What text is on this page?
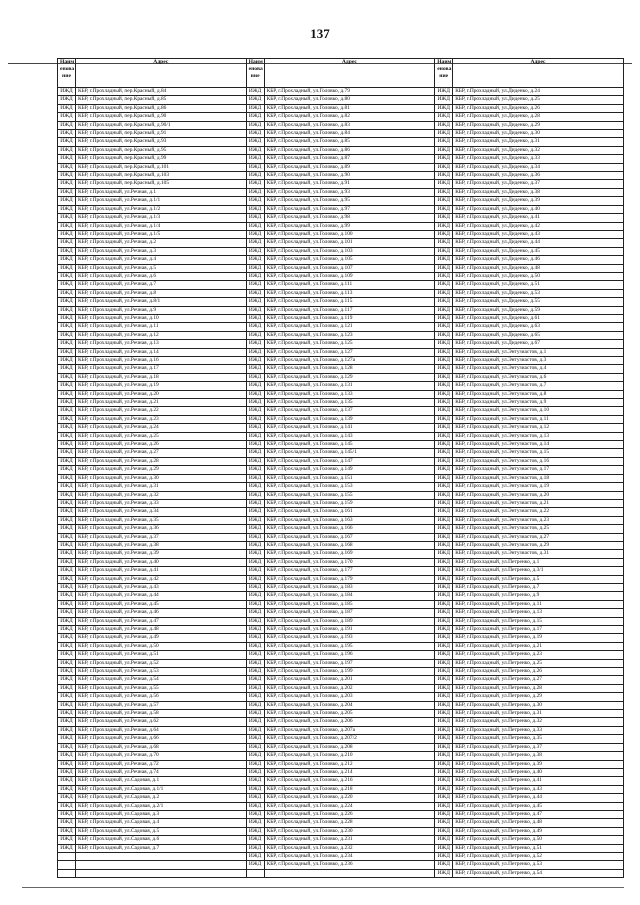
137
Наим енова ние	Адрес	Наим енова ние	Адрес	Наим енова ние	Адрес
ИЖД	КБР, г.Прохладный, пер.Красный, д.84	ИЖД	КБР, г.Прохладный, ул.Головко, д.79	ИЖД	КБР, г.Прохладный, ул.Диденко, д.24
ИЖД	КБР, г.Прохладный, пер.Красный, д.85	ИЖД	КБР, г.Прохладный, ул.Головко, д.80	ИЖД	КБР, г.Прохладный, ул.Диденко, д.25
ИЖД	КБР, г.Прохладный, пер.Красный, д.86	ИЖД	КБР, г.Прохладный, ул.Головко, д.81	ИЖД	КБР, г.Прохладный, ул.Диденко, д.26
ИЖД	КБР, г.Прохладный, пер.Красный, д.90	ИЖД	КБР, г.Прохладный, ул.Головко, д.82	ИЖД	КБР, г.Прохладный, ул.Диденко, д.28
ИЖД	КБР, г.Прохладный, пер.Красный, д.90/1	ИЖД	КБР, г.Прохладный, ул.Головко, д.83	ИЖД	КБР, г.Прохладный, ул.Диденко, д.29
ИЖД	КБР, г.Прохладный, пер.Красный, д.91	ИЖД	КБР, г.Прохладный, ул.Головко, д.84	ИЖД	КБР, г.Прохладный, ул.Диденко, д.30
ИЖД	КБР, г.Прохладный, пер.Красный, д.93	ИЖД	КБР, г.Прохладный, ул.Головко, д.85	ИЖД	КБР, г.Прохладный, ул.Диденко, д.31
ИЖД	КБР, г.Прохладный, пер.Красный, д.95	ИЖД	КБР, г.Прохладный, ул.Головко, д.86	ИЖД	КБР, г.Прохладный, ул.Диденко, д.32
ИЖД	КБР, г.Прохладный, пер.Красный, д.99	ИЖД	КБР, г.Прохладный, ул.Головко, д.87	ИЖД	КБР, г.Прохладный, ул.Диденко, д.33
ИЖД	КБР, г.Прохладный, пер.Красный, д.101	ИЖД	КБР, г.Прохладный, ул.Головко, д.89	ИЖД	КБР, г.Прохладный, ул.Диденко, д.34
ИЖД	КБР, г.Прохладный, пер.Красный, д.103	ИЖД	КБР, г.Прохладный, ул.Головко, д.90	ИЖД	КБР, г.Прохладный, ул.Диденко, д.36
ИЖД	КБР, г.Прохладный, пер.Красный, д.105	ИЖД	КБР, г.Прохладный, ул.Головко, д.91	ИЖД	КБР, г.Прохладный, ул.Диденко, д.37
ИЖД	КБР, г.Прохладный, ул.Речная, д.1	ИЖД	КБР, г.Прохладный, ул.Головко, д.93	ИЖД	КБР, г.Прохладный, ул.Диденко, д.38
ИЖД	КБР, г.Прохладный, ул.Речная, д.1/1	ИЖД	КБР, г.Прохладный, ул.Головко, д.95	ИЖД	КБР, г.Прохладный, ул.Диденко, д.39
ИЖД	КБР, г.Прохладный, ул.Речная, д.1/2	ИЖД	КБР, г.Прохладный, ул.Головко, д.97	ИЖД	КБР, г.Прохладный, ул.Диденко, д.40
ИЖД	КБР, г.Прохладный, ул.Речная, д.1/3	ИЖД	КБР, г.Прохладный, ул.Головко, д.98	ИЖД	КБР, г.Прохладный, ул.Диденко, д.41
ИЖД	КБР, г.Прохладный, ул.Речная, д.1/4	ИЖД	КБР, г.Прохладный, ул.Головко, д.99	ИЖД	КБР, г.Прохладный, ул.Диденко, д.42
ИЖД	КБР, г.Прохладный, ул.Речная, д.1/5	ИЖД	КБР, г.Прохладный, ул.Головко, д.100	ИЖД	КБР, г.Прохладный, ул.Диденко, д.43
ИЖД	КБР, г.Прохладный, ул.Речная, д.2	ИЖД	КБР, г.Прохладный, ул.Головко, д.101	ИЖД	КБР, г.Прохладный, ул.Диденко, д.44
ИЖД	КБР, г.Прохладный, ул.Речная, д.3	ИЖД	КБР, г.Прохладный, ул.Головко, д.103	ИЖД	КБР, г.Прохладный, ул.Диденко, д.45
ИЖД	КБР, г.Прохладный, ул.Речная, д.4	ИЖД	КБР, г.Прохладный, ул.Головко, д.105	ИЖД	КБР, г.Прохладный, ул.Диденко, д.46
ИЖД	КБР, г.Прохладный, ул.Речная, д.5	ИЖД	КБР, г.Прохладный, ул.Головко, д.107	ИЖД	КБР, г.Прохладный, ул.Диденко, д.48
ИЖД	КБР, г.Прохладный, ул.Речная, д.6	ИЖД	КБР, г.Прохладный, ул.Головко, д.109	ИЖД	КБР, г.Прохладный, ул.Диденко, д.50
ИЖД	КБР, г.Прохладный, ул.Речная, д.7	ИЖД	КБР, г.Прохладный, ул.Головко, д.111	ИЖД	КБР, г.Прохладный, ул.Диденко, д.51
ИЖД	КБР, г.Прохладный, ул.Речная, д.8	ИЖД	КБР, г.Прохладный, ул.Головко, д.113	ИЖД	КБР, г.Прохладный, ул.Диденко, д.53
ИЖД	КБР, г.Прохладный, ул.Речная, д.8/1	ИЖД	КБР, г.Прохладный, ул.Головко, д.115	ИЖД	КБР, г.Прохладный, ул.Диденко, д.55
ИЖД	КБР, г.Прохладный, ул.Речная, д.9	ИЖД	КБР, г.Прохладный, ул.Головко, д.117	ИЖД	КБР, г.Прохладный, ул.Диденко, д.59
ИЖД	КБР, г.Прохладный, ул.Речная, д.10	ИЖД	КБР, г.Прохладный, ул.Головко, д.119	ИЖД	КБР, г.Прохладный, ул.Диденко, д.61
ИЖД	КБР, г.Прохладный, ул.Речная, д.11	ИЖД	КБР, г.Прохладный, ул.Головко, д.121	ИЖД	КБР, г.Прохладный, ул.Диденко, д.63
ИЖД	КБР, г.Прохладный, ул.Речная, д.12	ИЖД	КБР, г.Прохладный, ул.Головко, д.123	ИЖД	КБР, г.Прохладный, ул.Диденко, д.65
ИЖД	КБР, г.Прохладный, ул.Речная, д.13	ИЖД	КБР, г.Прохладный, ул.Головко, д.125	ИЖД	КБР, г.Прохладный, ул.Диденко, д.67
ИЖД	КБР, г.Прохладный, ул.Речная, д.14	ИЖД	КБР, г.Прохладный, ул.Головко, д.127	ИЖД	КБР, г.Прохладный, ул.Энтузиастов, д.1
ИЖД	КБР, г.Прохладный, ул.Речная, д.16	ИЖД	КБР, г.Прохладный, ул.Головко, д.127а	ИЖД	КБР, г.Прохладный, ул.Энтузиастов, д.3
ИЖД	КБР, г.Прохладный, ул.Речная, д.17	ИЖД	КБР, г.Прохладный, ул.Головко, д.128	ИЖД	КБР, г.Прохладный, ул.Энтузиастов, д.4
ИЖД	КБР, г.Прохладный, ул.Речная, д.18	ИЖД	КБР, г.Прохладный, ул.Головко, д.129	ИЖД	КБР, г.Прохладный, ул.Энтузиастов, д.6
ИЖД	КБР, г.Прохладный, ул.Речная, д.19	ИЖД	КБР, г.Прохладный, ул.Головко, д.131	ИЖД	КБР, г.Прохладный, ул.Энтузиастов, д.7
ИЖД	КБР, г.Прохладный, ул.Речная, д.20	ИЖД	КБР, г.Прохладный, ул.Головко, д.133	ИЖД	КБР, г.Прохладный, ул.Энтузиастов, д.8
ИЖД	КБР, г.Прохладный, ул.Речная, д.21	ИЖД	КБР, г.Прохладный, ул.Головко, д.135	ИЖД	КБР, г.Прохладный, ул.Энтузиастов, д.9
ИЖД	КБР, г.Прохладный, ул.Речная, д.22	ИЖД	КБР, г.Прохладный, ул.Головко, д.137	ИЖД	КБР, г.Прохладный, ул.Энтузиастов, д.10
ИЖД	КБР, г.Прохладный, ул.Речная, д.23	ИЖД	КБР, г.Прохладный, ул.Головко, д.139	ИЖД	КБР, г.Прохладный, ул.Энтузиастов, д.11
ИЖД	КБР, г.Прохладный, ул.Речная, д.24	ИЖД	КБР, г.Прохладный, ул.Головко, д.141	ИЖД	КБР, г.Прохладный, ул.Энтузиастов, д.12
ИЖД	КБР, г.Прохладный, ул.Речная, д.25	ИЖД	КБР, г.Прохладный, ул.Головко, д.143	ИЖД	КБР, г.Прохладный, ул.Энтузиастов, д.13
ИЖД	КБР, г.Прохладный, ул.Речная, д.26	ИЖД	КБР, г.Прохладный, ул.Головко, д.145	ИЖД	КБР, г.Прохладный, ул.Энтузиастов, д.14
ИЖД	КБР, г.Прохладный, ул.Речная, д.27	ИЖД	КБР, г.Прохладный, ул.Головко, д.145/1	ИЖД	КБР, г.Прохладный, ул.Энтузиастов, д.15
ИЖД	КБР, г.Прохладный, ул.Речная, д.28	ИЖД	КБР, г.Прохладный, ул.Головко, д.147	ИЖД	КБР, г.Прохладный, ул.Энтузиастов, д.16
ИЖД	КБР, г.Прохладный, ул.Речная, д.29	ИЖД	КБР, г.Прохладный, ул.Головко, д.149	ИЖД	КБР, г.Прохладный, ул.Энтузиастов, д.17
ИЖД	КБР, г.Прохладный, ул.Речная, д.30	ИЖД	КБР, г.Прохладный, ул.Головко, д.151	ИЖД	КБР, г.Прохладный, ул.Энтузиастов, д.18
ИЖД	КБР, г.Прохладный, ул.Речная, д.31	ИЖД	КБР, г.Прохладный, ул.Головко, д.153	ИЖД	КБР, г.Прохладный, ул.Энтузиастов, д.19
ИЖД	КБР, г.Прохладный, ул.Речная, д.32	ИЖД	КБР, г.Прохладный, ул.Головко, д.155	ИЖД	КБР, г.Прохладный, ул.Энтузиастов, д.20
ИЖД	КБР, г.Прохладный, ул.Речная, д.33	ИЖД	КБР, г.Прохладный, ул.Головко, д.159	ИЖД	КБР, г.Прохладный, ул.Энтузиастов, д.21
ИЖД	КБР, г.Прохладный, ул.Речная, д.34	ИЖД	КБР, г.Прохладный, ул.Головко, д.161	ИЖД	КБР, г.Прохладный, ул.Энтузиастов, д.22
ИЖД	КБР, г.Прохладный, ул.Речная, д.35	ИЖД	КБР, г.Прохладный, ул.Головко, д.163	ИЖД	КБР, г.Прохладный, ул.Энтузиастов, д.23
ИЖД	КБР, г.Прохладный, ул.Речная, д.36	ИЖД	КБР, г.Прохладный, ул.Головко, д.166	ИЖД	КБР, г.Прохладный, ул.Энтузиастов, д.25
ИЖД	КБР, г.Прохладный, ул.Речная, д.37	ИЖД	КБР, г.Прохладный, ул.Головко, д.167	ИЖД	КБР, г.Прохладный, ул.Энтузиастов, д.27
ИЖД	КБР, г.Прохладный, ул.Речная, д.38	ИЖД	КБР, г.Прохладный, ул.Головко, д.168	ИЖД	КБР, г.Прохладный, ул.Энтузиастов, д.29
ИЖД	КБР, г.Прохладный, ул.Речная, д.39	ИЖД	КБР, г.Прохладный, ул.Головко, д.169	ИЖД	КБР, г.Прохладный, ул.Энтузиастов, д.31
ИЖД	КБР, г.Прохладный, ул.Речная, д.40	ИЖД	КБР, г.Прохладный, ул.Головко, д.170	ИЖД	КБР, г.Прохладный, ул.Петренко, д.1
ИЖД	КБР, г.Прохладный, ул.Речная, д.41	ИЖД	КБР, г.Прохладный, ул.Головко, д.177	ИЖД	КБР, г.Прохладный, ул.Петренко, д.3/1
ИЖД	КБР, г.Прохладный, ул.Речная, д.42	ИЖД	КБР, г.Прохладный, ул.Головко, д.179	ИЖД	КБР, г.Прохладный, ул.Петренко, д.5
ИЖД	КБР, г.Прохладный, ул.Речная, д.43	ИЖД	КБР, г.Прохладный, ул.Головко, д.183	ИЖД	КБР, г.Прохладный, ул.Петренко, д.7
ИЖД	КБР, г.Прохладный, ул.Речная, д.44	ИЖД	КБР, г.Прохладный, ул.Головко, д.184	ИЖД	КБР, г.Прохладный, ул.Петренко, д.9
ИЖД	КБР, г.Прохладный, ул.Речная, д.45	ИЖД	КБР, г.Прохладный, ул.Головко, д.185	ИЖД	КБР, г.Прохладный, ул.Петренко, д.11
ИЖД	КБР, г.Прохладный, ул.Речная, д.46	ИЖД	КБР, г.Прохладный, ул.Головко, д.187	ИЖД	КБР, г.Прохладный, ул.Петренко, д.13
ИЖД	КБР, г.Прохладный, ул.Речная, д.47	ИЖД	КБР, г.Прохладный, ул.Головко, д.189	ИЖД	КБР, г.Прохладный, ул.Петренко, д.15
ИЖД	КБР, г.Прохладный, ул.Речная, д.48	ИЖД	КБР, г.Прохладный, ул.Головко, д.191	ИЖД	КБР, г.Прохладный, ул.Петренко, д.17
ИЖД	КБР, г.Прохладный, ул.Речная, д.49	ИЖД	КБР, г.Прохладный, ул.Головко, д.193	ИЖД	КБР, г.Прохладный, ул.Петренко, д.19
ИЖД	КБР, г.Прохладный, ул.Речная, д.50	ИЖД	КБР, г.Прохладный, ул.Головко, д.195	ИЖД	КБР, г.Прохладный, ул.Петренко, д.21
ИЖД	КБР, г.Прохладный, ул.Речная, д.51	ИЖД	КБР, г.Прохладный, ул.Головко, д.196	ИЖД	КБР, г.Прохладный, ул.Петренко, д.23
ИЖД	КБР, г.Прохладный, ул.Речная, д.52	ИЖД	КБР, г.Прохладный, ул.Головко, д.197	ИЖД	КБР, г.Прохладный, ул.Петренко, д.25
ИЖД	КБР, г.Прохладный, ул.Речная, д.53	ИЖД	КБР, г.Прохладный, ул.Головко, д.199	ИЖД	КБР, г.Прохладный, ул.Петренко, д.26
ИЖД	КБР, г.Прохладный, ул.Речная, д.54	ИЖД	КБР, г.Прохладный, ул.Головко, д.201	ИЖД	КБР, г.Прохладный, ул.Петренко, д.27
ИЖД	КБР, г.Прохладный, ул.Речная, д.55	ИЖД	КБР, г.Прохладный, ул.Головко, д.202	ИЖД	КБР, г.Прохладный, ул.Петренко, д.28
ИЖД	КБР, г.Прохладный, ул.Речная, д.56	ИЖД	КБР, г.Прохладный, ул.Головко, д.203	ИЖД	КБР, г.Прохладный, ул.Петренко, д.29
ИЖД	КБР, г.Прохладный, ул.Речная, д.57	ИЖД	КБР, г.Прохладный, ул.Головко, д.204	ИЖД	КБР, г.Прохладный, ул.Петренко, д.30
ИЖД	КБР, г.Прохладный, ул.Речная, д.58	ИЖД	КБР, г.Прохладный, ул.Головко, д.205	ИЖД	КБР, г.Прохладный, ул.Петренко, д.31
ИЖД	КБР, г.Прохладный, ул.Речная, д.62	ИЖД	КБР, г.Прохладный, ул.Головко, д.206	ИЖД	КБР, г.Прохладный, ул.Петренко, д.32
ИЖД	КБР, г.Прохладный, ул.Речная, д.64	ИЖД	КБР, г.Прохладный, ул.Головко, д.207а	ИЖД	КБР, г.Прохладный, ул.Петренко, д.33
ИЖД	КБР, г.Прохладный, ул.Речная, д.66	ИЖД	КБР, г.Прохладный, ул.Головко, д.207/2	ИЖД	КБР, г.Прохладный, ул.Петренко, д.35
ИЖД	КБР, г.Прохладный, ул.Речная, д.68	ИЖД	КБР, г.Прохладный, ул.Головко, д.208	ИЖД	КБР, г.Прохладный, ул.Петренко, д.37
ИЖД	КБР, г.Прохладный, ул.Речная, д.70	ИЖД	КБР, г.Прохладный, ул.Головко, д.210	ИЖД	КБР, г.Прохладный, ул.Петренко, д.38
ИЖД	КБР, г.Прохладный, ул.Речная, д.72	ИЖД	КБР, г.Прохладный, ул.Головко, д.212	ИЖД	КБР, г.Прохладный, ул.Петренко, д.39
ИЖД	КБР, г.Прохладный, ул.Речная, д.74	ИЖД	КБР, г.Прохладный, ул.Головко, д.214	ИЖД	КБР, г.Прохладный, ул.Петренко, д.40
ИЖД	КБР, г.Прохладный, ул.Садовая, д.1	ИЖД	КБР, г.Прохладный, ул.Головко, д.216	ИЖД	КБР, г.Прохладный, ул.Петренко, д.41
ИЖД	КБР, г.Прохладный, ул.Садовая, д.1/1	ИЖД	КБР, г.Прохладный, ул.Головко, д.218	ИЖД	КБР, г.Прохладный, ул.Петренко, д.43
ИЖД	КБР, г.Прохладный, ул.Садовая, д.2	ИЖД	КБР, г.Прохладный, ул.Головко, д.220	ИЖД	КБР, г.Прохладный, ул.Петренко, д.44
ИЖД	КБР, г.Прохладный, ул.Садовая, д.2/1	ИЖД	КБР, г.Прохладный, ул.Головко, д.224	ИЖД	КБР, г.Прохладный, ул.Петренко, д.45
ИЖД	КБР, г.Прохладный, ул.Садовая, д.3	ИЖД	КБР, г.Прохладный, ул.Головко, д.226	ИЖД	КБР, г.Прохладный, ул.Петренко, д.47
ИЖД	КБР, г.Прохладный, ул.Садовая, д.4	ИЖД	КБР, г.Прохладный, ул.Головко, д.228	ИЖД	КБР, г.Прохладный, ул.Петренко, д.48
ИЖД	КБР, г.Прохладный, ул.Садовая, д.5	ИЖД	КБР, г.Прохладный, ул.Головко, д.230	ИЖД	КБР, г.Прохладный, ул.Петренко, д.49
ИЖД	КБР, г.Прохладный, ул.Садовая, д.6	ИЖД	КБР, г.Прохладный, ул.Головко, д.231	ИЖД	КБР, г.Прохладный, ул.Петренко, д.50
ИЖД	КБР, г.Прохладный, ул.Садовая, д.7	ИЖД	КБР, г.Прохладный, ул.Головко, д.232	ИЖД	КБР, г.Прохладный, ул.Петренко, д.51
		ИЖД	КБР, г.Прохладный, ул.Головко, д.234	ИЖД	КБР, г.Прохладный, ул.Петренко, д.52
		ИЖД	КБР, г.Прохладный, ул.Головко, д.236	ИЖД	КБР, г.Прохладный, ул.Петренко, д.53
				ИЖД	КБР, г.Прохладный, ул.Петренко, д.54
